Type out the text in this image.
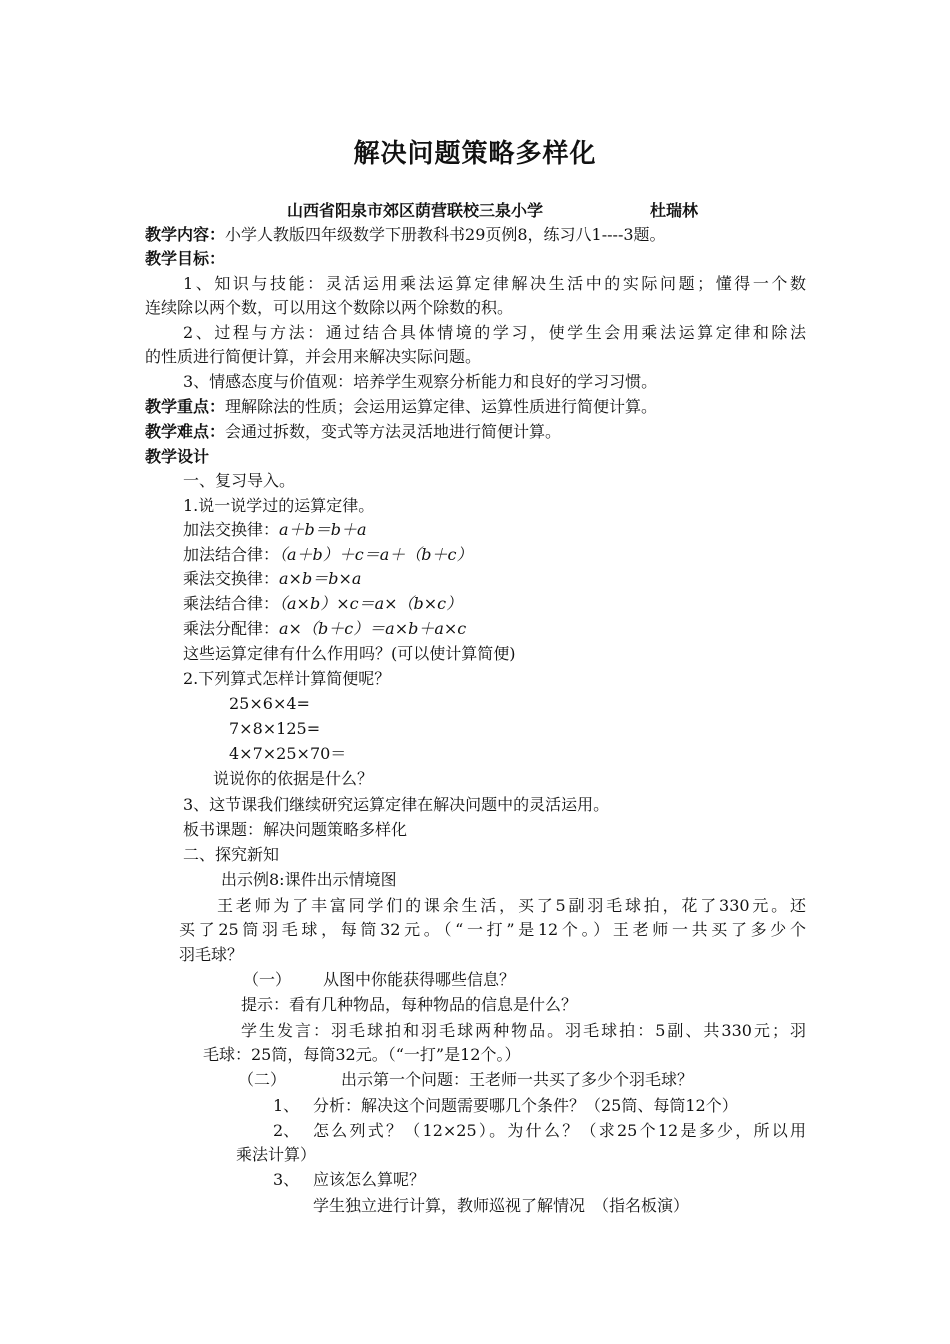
解决问题策略多样化
山西省阳泉市郊区荫营联校三泉小学	杜瑞林
教学内容：小学人教版四年级数学下册教科书29页例8，练习八1----3题。
教学目标：
1、知识与技能：灵活运用乘法运算定律解决生活中的实际问题；懂得一个数
连续除以两个数，可以用这个数除以两个除数的积。
2、过程与方法：通过结合具体情境的学习，使学生会用乘法运算定律和除法
的性质进行简便计算，并会用来解决实际问题。
3、情感态度与价值观：培养学生观察分析能力和良好的学习习惯。
教学重点：理解除法的性质；会运用运算定律、运算性质进行简便计算。
教学难点：会通过拆数，变式等方法灵活地进行简便计算。
教学设计
一、复习导入。
1.说一说学过的运算定律。
加法交换律：a＋b＝b＋a
加法结合律：（a＋b）＋c＝a＋（b＋c）
乘法交换律：a×b＝b×a
乘法结合律：（a×b）×c＝a×（b×c）
乘法分配律：a×（b＋c）＝a×b＋a×c
这些运算定律有什么作用吗？(可以使计算简便)
2.下列算式怎样计算简便呢？
25×6×4=
7×8×125=
4×7×25×70＝
说说你的依据是什么？
3、这节课我们继续研究运算定律在解决问题中的灵活运用。
板书课题：解决问题策略多样化
二、探究新知
出示例8:课件出示情境图
王老师为了丰富同学们的课余生活，买了5副羽毛球拍，花了330元。还
买了25筒羽毛球，每筒32元。（“一打”是12个。）王老师一共买了多少个
羽毛球？
（一） 从图中你能获得哪些信息？
提示：看有几种物品，每种物品的信息是什么？
学生发言：羽毛球拍和羽毛球两种物品。羽毛球拍：5副、共330元；羽
毛球：25筒，每筒32元。（“一打”是12个。）
（二）	出示第一个问题：王老师一共买了多少个羽毛球？
1、 分析：解决这个问题需要哪几个条件？（25筒、每筒12个）
2、 怎么列式？（12×25）。为什么？（求25个12是多少，所以用
乘法计算）
3、 应该怎么算呢？
学生独立进行计算，教师巡视了解情况　（指名板演）
